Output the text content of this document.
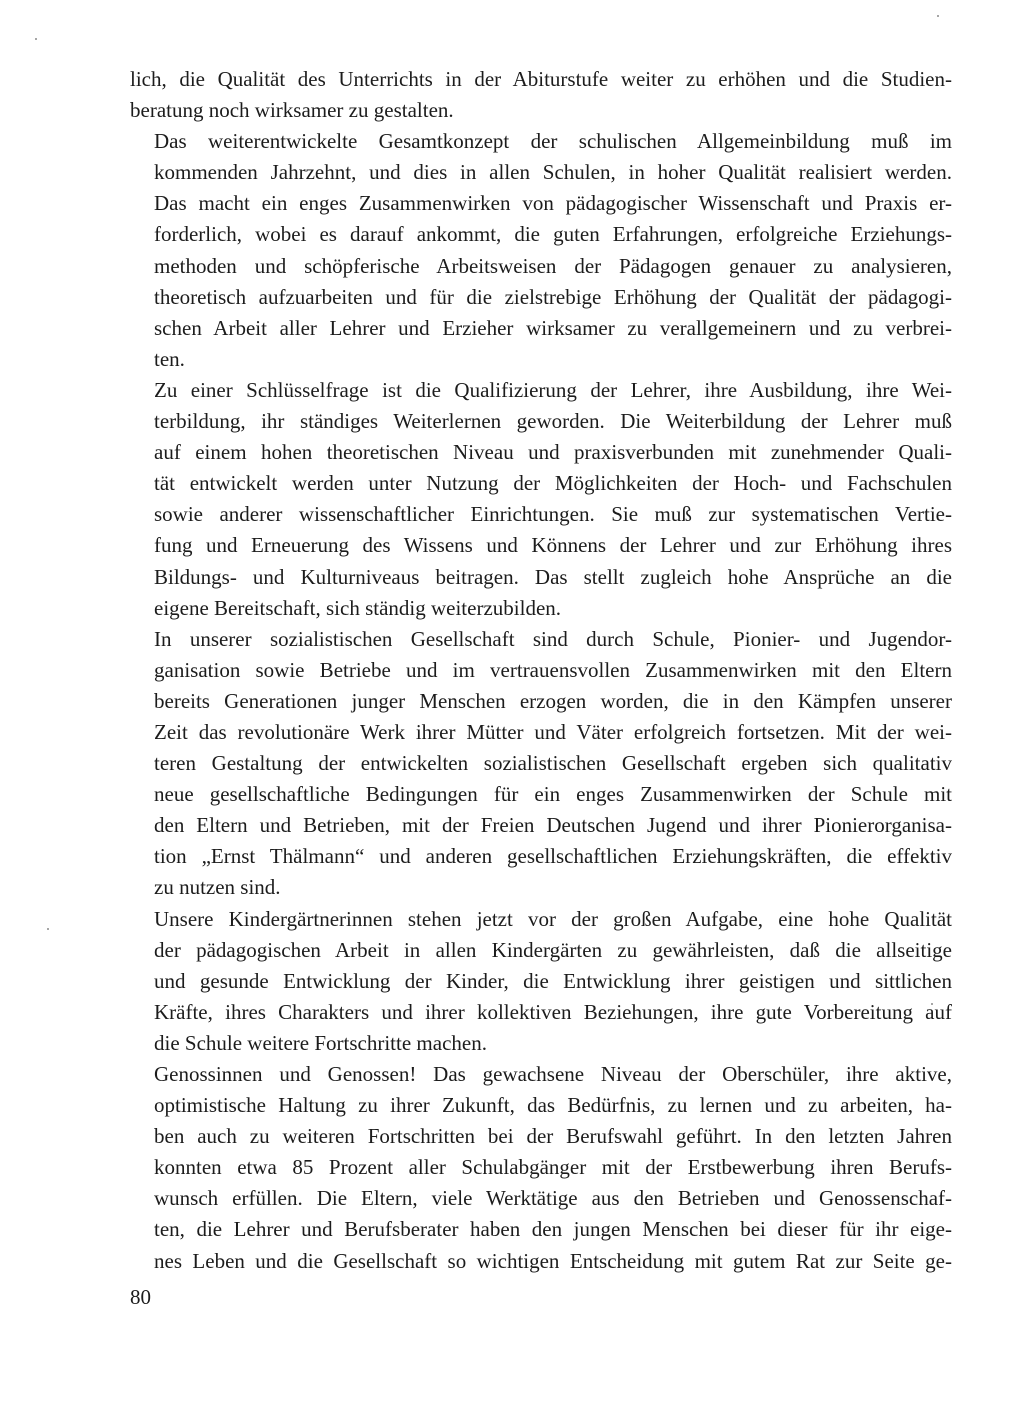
lich, die Qualität des Unterrichts in der Abiturstufe weiter zu erhöhen und die Studien-
beratung noch wirksamer zu gestalten.

Das weiterentwickelte Gesamtkonzept der schulischen Allgemeinbildung muß im
kommenden Jahrzehnt, und dies in allen Schulen, in hoher Qualität realisiert werden.
Das macht ein enges Zusammenwirken von pädagogischer Wissenschaft und Praxis er-
forderlich, wobei es darauf ankommt, die guten Erfahrungen, erfolgreiche Erziehungs-
methoden und schöpferische Arbeitsweisen der Pädagogen genauer zu analysieren,
theoretisch aufzuarbeiten und für die zielstrebige Erhöhung der Qualität der pädagogi-
schen Arbeit aller Lehrer und Erzieher wirksamer zu verallgemeinern und zu verbrei-
ten.

Zu einer Schlüsselfrage ist die Qualifizierung der Lehrer, ihre Ausbildung, ihre Wei-
terbildung, ihr ständiges Weiterlernen geworden. Die Weiterbildung der Lehrer muß
auf einem hohen theoretischen Niveau und praxisverbunden mit zunehmender Quali-
tät entwickelt werden unter Nutzung der Möglichkeiten der Hoch- und Fachschulen
sowie anderer wissenschaftlicher Einrichtungen. Sie muß zur systematischen Vertie-
fung und Erneuerung des Wissens und Könnens der Lehrer und zur Erhöhung ihres
Bildungs- und Kulturniveaus beitragen. Das stellt zugleich hohe Ansprüche an die
eigene Bereitschaft, sich ständig weiterzubilden.

In unserer sozialistischen Gesellschaft sind durch Schule, Pionier- und Jugendor-
ganisation sowie Betriebe und im vertrauensvollen Zusammenwirken mit den Eltern
bereits Generationen junger Menschen erzogen worden, die in den Kämpfen unserer
Zeit das revolutionäre Werk ihrer Mütter und Väter erfolgreich fortsetzen. Mit der wei-
teren Gestaltung der entwickelten sozialistischen Gesellschaft ergeben sich qualitativ
neue gesellschaftliche Bedingungen für ein enges Zusammenwirken der Schule mit
den Eltern und Betrieben, mit der Freien Deutschen Jugend und ihrer Pionierorganisa-
tion „Ernst Thälmann“ und anderen gesellschaftlichen Erziehungskräften, die effektiv
zu nutzen sind.

Unsere Kindergärtnerinnen stehen jetzt vor der großen Aufgabe, eine hohe Qualität
der pädagogischen Arbeit in allen Kindergärten zu gewährleisten, daß die allseitige
und gesunde Entwicklung der Kinder, die Entwicklung ihrer geistigen und sittlichen
Kräfte, ihres Charakters und ihrer kollektiven Beziehungen, ihre gute Vorbereitung auf
die Schule weitere Fortschritte machen.

Genossinnen und Genossen! Das gewachsene Niveau der Oberschüler, ihre aktive,
optimistische Haltung zu ihrer Zukunft, das Bedürfnis, zu lernen und zu arbeiten, ha-
ben auch zu weiteren Fortschritten bei der Berufswahl geführt. In den letzten Jahren
konnten etwa 85 Prozent aller Schulabgänger mit der Erstbewerbung ihren Berufs-
wunsch erfüllen. Die Eltern, viele Werktätige aus den Betrieben und Genossenschaf-
ten, die Lehrer und Berufsberater haben den jungen Menschen bei dieser für ihr eige-
nes Leben und die Gesellschaft so wichtigen Entscheidung mit gutem Rat zur Seite ge-

80
